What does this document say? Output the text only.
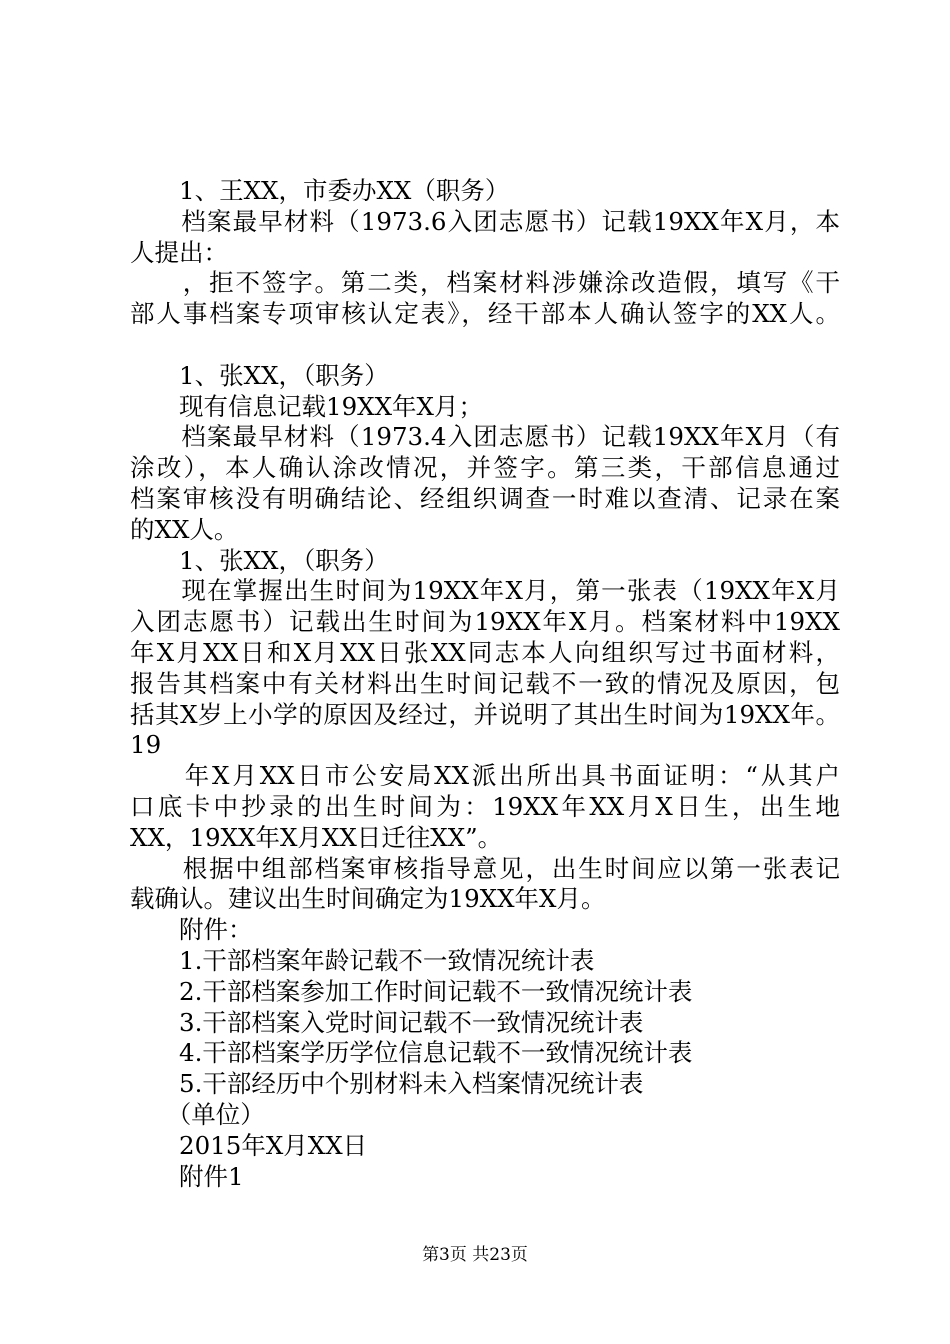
　　1、王XX，市委办XX（职务）
　　档案最早材料（1973.6入团志愿书）记载19XX年X月，本
人提出：
　　，拒不签字。第二类，档案材料涉嫌涂改造假，填写《干
部人事档案专项审核认定表》，经干部本人确认签字的XX人。
　　1、张XX，（职务）
　　现有信息记载19XX年X月；
　　档案最早材料（1973.4入团志愿书）记载19XX年X月（有
涂改），本人确认涂改情况，并签字。第三类，干部信息通过
档案审核没有明确结论、经组织调查一时难以查清、记录在案
的XX人。
　　1、张XX，（职务）
　　现在掌握出生时间为19XX年X月，第一张表（19XX年X月
入团志愿书）记载出生时间为19XX年X月。档案材料中19XX
年X月XX日和X月XX日张XX同志本人向组织写过书面材料，
报告其档案中有关材料出生时间记载不一致的情况及原因，包
括其X岁上小学的原因及经过，并说明了其出生时间为19XX年。
19
　　年X月XX日市公安局XX派出所出具书面证明：“从其户
口底卡中抄录的出生时间为：19XX年XX月X日生，出生地
XX，19XX年X月XX日迁往XX”。
　　根据中组部档案审核指导意见，出生时间应以第一张表记
载确认。建议出生时间确定为19XX年X月。
　　附件：
　　1.干部档案年龄记载不一致情况统计表
　　2.干部档案参加工作时间记载不一致情况统计表
　　3.干部档案入党时间记载不一致情况统计表
　　4.干部档案学历学位信息记载不一致情况统计表
　　5.干部经历中个别材料未入档案情况统计表
　　（单位）
　　2015年X月XX日
　　附件1
第3页 共23页
